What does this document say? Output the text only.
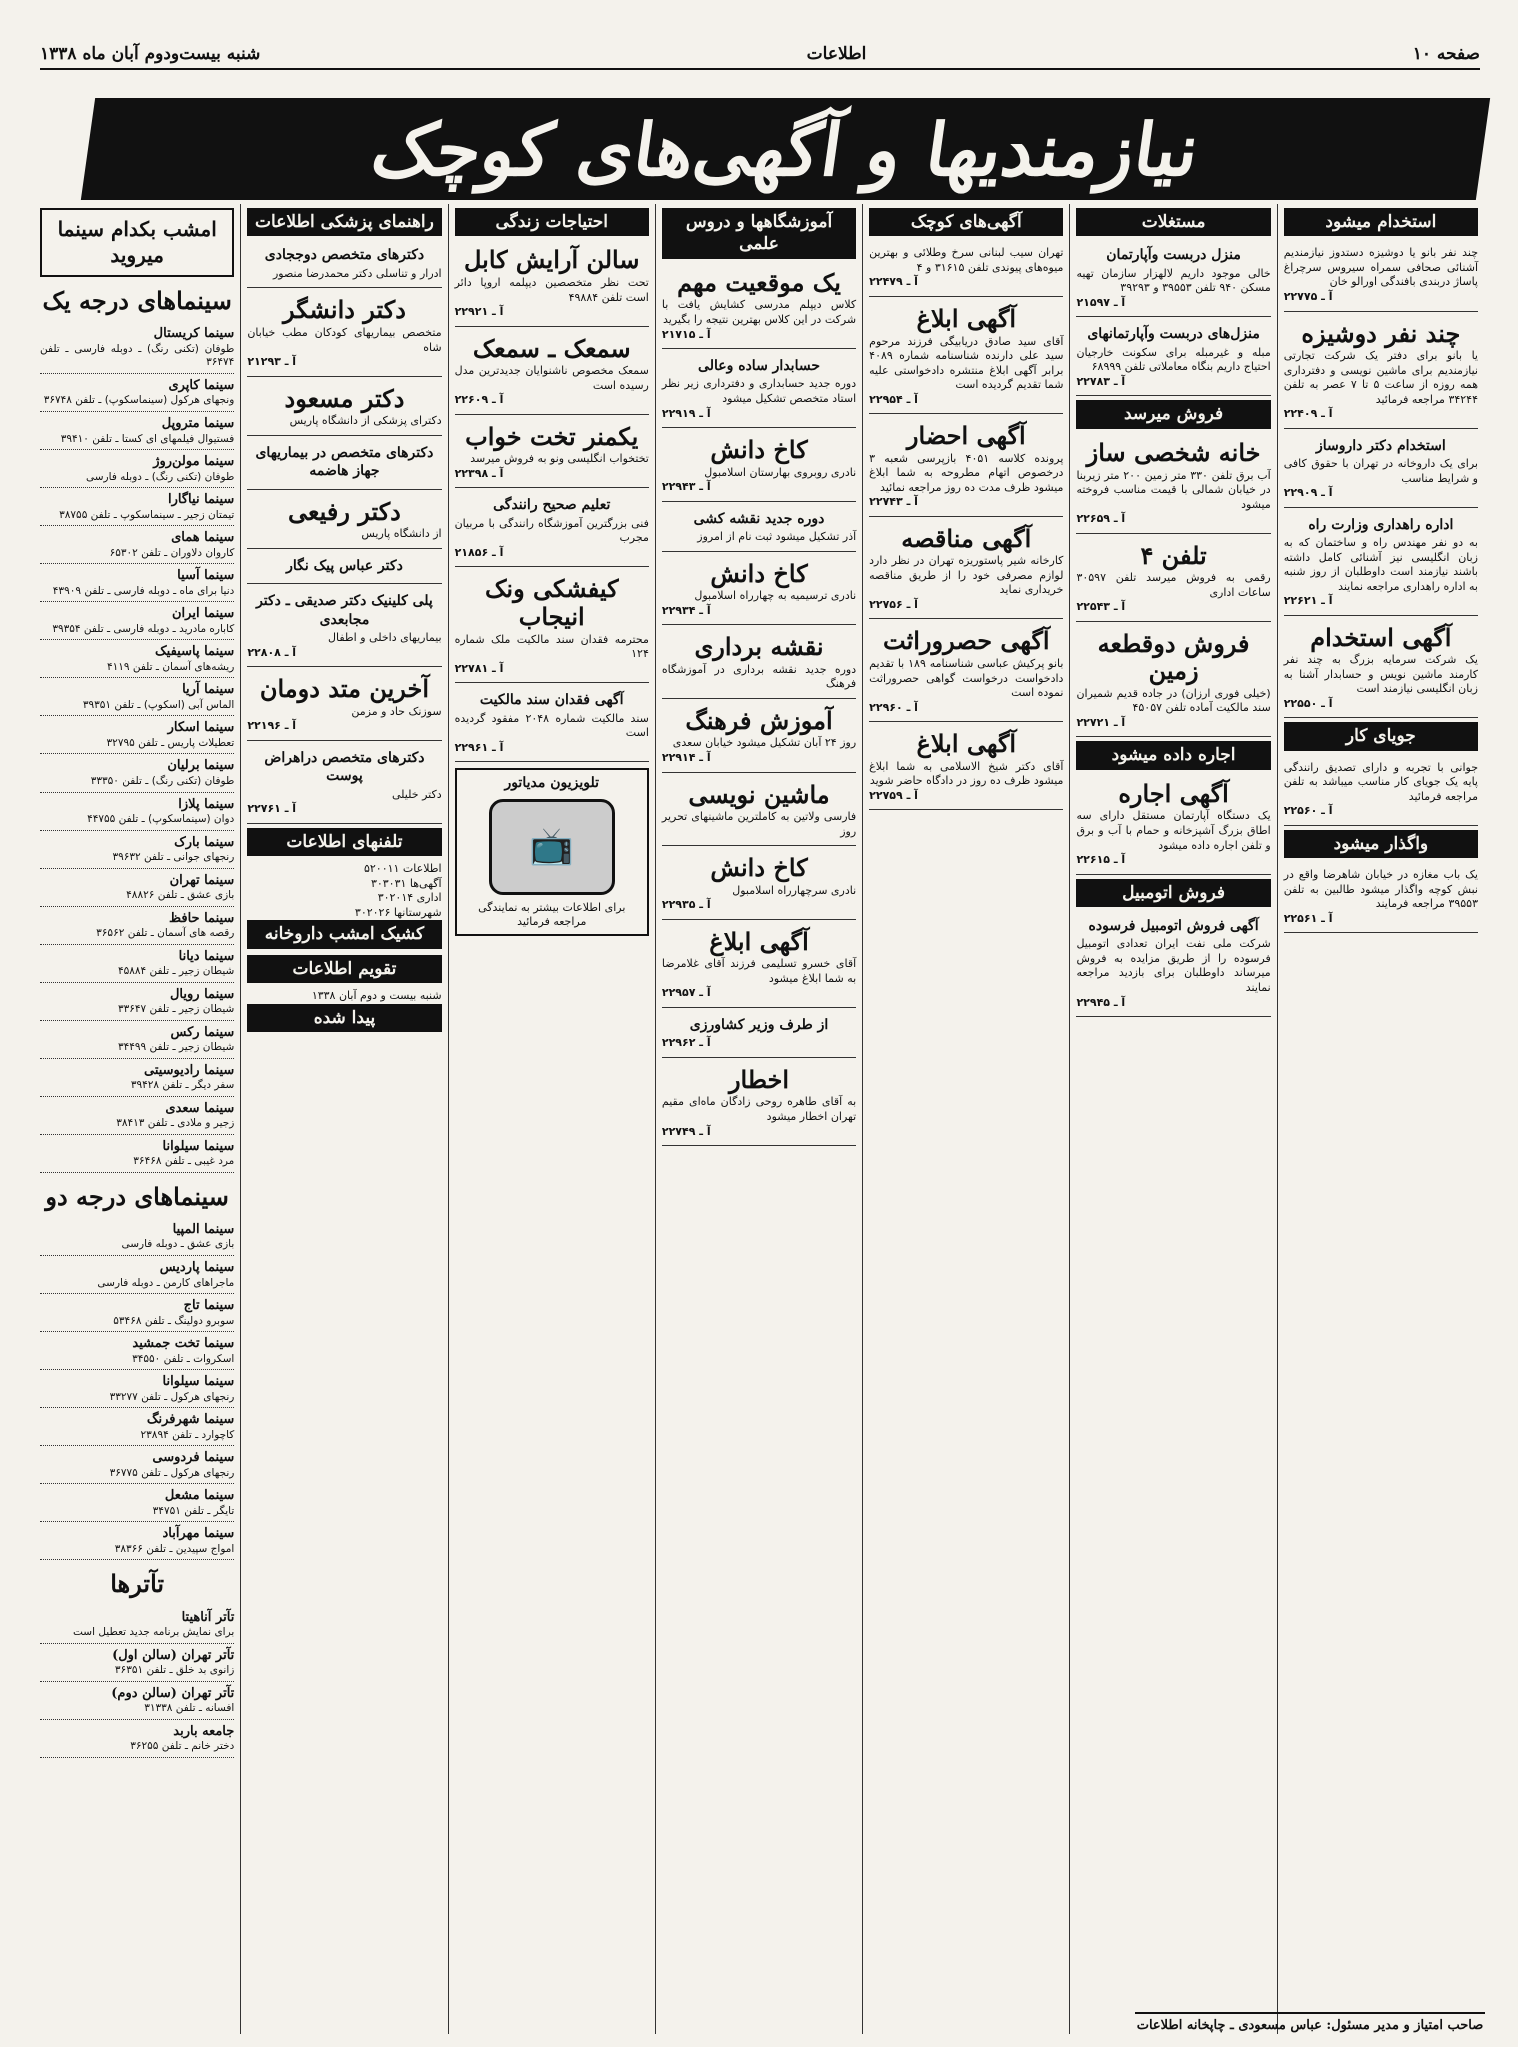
صفحه ۱۰
اطلاعات
شنبه بیست‌ودوم آبان ماه ۱۳۳۸
نیازمندیها و آگهی‌های کوچک
استخدام میشود
چند نفر بانو یا دوشیزه دستدوز نیازمندیم آشنائی صحافی سمراه سیروس سرچراغ پاساژ دربندی بافندگی اورالو خان
آ ـ ۲۲۷۷۵
چند نفر دوشیزه
یا بانو برای دفتر یک شرکت تجارتی نیازمندیم برای ماشین نویسی و دفترداری همه روزه از ساعت ۵ تا ۷ عصر به تلفن ۳۴۲۴۴ مراجعه فرمائید
آ ـ ۲۲۴۰۹
استخدام دکتر داروساز
برای یک داروخانه در تهران با حقوق کافی و شرایط مناسب
آ ـ ۲۲۹۰۹
اداره راهداری وزارت راه
به دو نفر مهندس راه و ساختمان که به زبان انگلیسی نیز آشنائی کامل داشته باشند نیازمند است داوطلبان از روز شنبه به اداره راهداری مراجعه نمایند
آ ـ ۲۲۶۲۱
آگهی استخدام
یک شرکت سرمایه بزرگ به چند نفر کارمند ماشین نویس و حسابدار آشنا به زبان انگلیسی نیازمند است
آ ـ ۲۲۵۵۰
جویای کار
جوانی با تجربه و دارای تصدیق رانندگی پایه یک جویای کار مناسب میباشد به تلفن مراجعه فرمائید
آ ـ ۲۲۵۶۰
واگذار میشود
یک باب مغازه در خیابان شاهرضا واقع در نبش کوچه واگذار میشود طالبین به تلفن ۳۹۵۵۳ مراجعه فرمایند
آ ـ ۲۲۵۶۱
مستغلات
منزل دربست وآپارتمان
خالی موجود داریم لالهزار سازمان تهیه مسکن ۹۴۰ تلفن ۳۹۵۵۳ و ۳۹۲۹۳
آ ـ ۲۱۵۹۷
منزل‌های دربست وآپارتمانهای
مبله و غیرمبله برای سکونت خارجیان احتیاج داریم بنگاه معاملاتی تلفن ۶۸۹۹۹
آ ـ ۲۲۷۸۳
فروش میرسد
خانه شخصی ساز
آب برق تلفن ۳۳۰ متر زمین ۲۰۰ متر زیربنا در خیابان شمالی با قیمت مناسب فروخته میشود
آ ـ ۲۲۶۵۹
تلفن ۴
رقمی به فروش میرسد تلفن ۳۰۵۹۷ ساعات اداری
آ ـ ۲۲۵۴۳
فروش دوقطعه زمین
(خیلی فوری ارزان) در جاده قدیم شمیران سند مالکیت آماده تلفن ۴۵۰۵۷
آ ـ ۲۲۷۲۱
اجاره داده میشود
آگهی اجاره
یک دستگاه آپارتمان مستقل دارای سه اطاق بزرگ آشپزخانه و حمام با آب و برق و تلفن اجاره داده میشود
آ ـ ۲۲۶۱۵
فروش اتومبیل
آگهی فروش اتومبیل فرسوده
شرکت ملی نفت ایران تعدادی اتومبیل فرسوده را از طریق مزایده به فروش میرساند داوطلبان برای بازدید مراجعه نمایند
آ ـ ۲۲۹۴۵
آگهی‌های کوچک
تهران سیب لبنانی سرخ وطلائی و بهترین میوه‌های پیوندی تلفن ۳۱۶۱۵ و ۴
آ ـ ۲۲۴۷۹
آگهی ابلاغ
آقای سید صادق دریابیگی فرزند مرحوم سید علی دارنده شناسنامه شماره ۴۰۸۹ برابر آگهی ابلاغ منتشره دادخواستی علیه شما تقدیم گردیده است
آ ـ ۲۲۹۵۴
آگهی احضار
پرونده کلاسه ۴۰۵۱ بازپرسی شعبه ۳ درخصوص اتهام مطروحه به شما ابلاغ میشود ظرف مدت ده روز مراجعه نمائید
آ ـ ۲۲۷۴۳
آگهی مناقصه
کارخانه شیر پاستوریزه تهران در نظر دارد لوازم مصرفی خود را از طریق مناقصه خریداری نماید
آ ـ ۲۲۷۵۶
آگهی حصروراثت
بانو پرکیش عباسی شناسنامه ۱۸۹ با تقدیم دادخواست درخواست گواهی حصروراثت نموده است
آ ـ ۲۲۹۶۰
آگهی ابلاغ
آقای دکتر شیخ الاسلامی به شما ابلاغ میشود ظرف ده روز در دادگاه حاضر شوید
آ ـ ۲۲۷۵۹
آموزشگاهها و دروس علمی
یک موقعیت مهم
کلاس دیپلم مدرسی کشایش یافت با شرکت در این کلاس بهترین نتیجه را بگیرید
آ ـ ۲۱۷۱۵
حسابدار ساده وعالی
دوره جدید حسابداری و دفترداری زیر نظر استاد متخصص تشکیل میشود
آ ـ ۲۲۹۱۹
کاخ دانش
نادری روبروی بهارستان اسلامبول
آ ـ ۲۲۹۴۳
دوره جدید نقشه کشی
آذر تشکیل میشود ثبت نام از امروز
کاخ دانش
نادری ترسیمیه به چهارراه اسلامبول
آ ـ ۲۲۹۳۴
نقشه برداری
دوره جدید نقشه برداری در آموزشگاه فرهنگ
آموزش فرهنگ
روز ۲۴ آبان تشکیل میشود خیابان سعدی
آ ـ ۲۲۹۱۴
ماشین نویسی
فارسی ولاتین به کاملترین ماشینهای تحریر روز
کاخ دانش
نادری سرچهارراه اسلامبول
آ ـ ۲۲۹۳۵
آگهی ابلاغ
آقای خسرو تسلیمی فرزند آقای غلامرضا به شما ابلاغ میشود
آ ـ ۲۲۹۵۷
از طرف وزیر کشاورزی
آ ـ ۲۲۹۶۲
اخطار
به آقای طاهره روحی زادگان ماه‌ای مقیم تهران اخطار میشود
آ ـ ۲۲۷۴۹
احتیاجات زندگی
سالن آرایش کابل
تحت نظر متخصصین دیپلمه اروپا دائر است تلفن ۴۹۸۸۴
آ ـ ۲۲۹۲۱
سمعک ـ سمعک
سمعک مخصوص ناشنوایان جدیدترین مدل رسیده است
آ ـ ۲۲۶۰۹
یکمنر تخت خواب
تختخواب انگلیسی ونو به فروش میرسد
آ ـ ۲۲۳۹۸
تعلیم صحیح رانندگی
فنی بزرگترین آموزشگاه رانندگی با مربیان مجرب
آ ـ ۲۱۸۵۶
کیفشکی ونک انیجاب
محترمه فقدان سند مالکیت ملک شماره ۱۲۴
آ ـ ۲۲۷۸۱
آگهی فقدان سند مالکیت
سند مالکیت شماره ۲۰۴۸ مفقود گردیده است
آ ـ ۲۲۹۶۱
تلویزیون مدیاتور
📺
برای اطلاعات بیشتر به نمایندگی مراجعه فرمائید
راهنمای پزشکی اطلاعات
دکترهای متخصص دوججادی
ادرار و تناسلی دکتر محمدرضا منصور
دکتر دانشگر
متخصص بیماریهای کودکان مطب خیابان شاه
آ ـ ۲۱۲۹۳
دکتر مسعود
دکترای پزشکی از دانشگاه پاریس
دکترهای متخصص در بیماریهای جهاز هاضمه
دکتر رفیعی
از دانشگاه پاریس
دکتر عباس پیک نگار
پلی کلینیک دکتر صدیقی ـ دکتر مجابعدی
بیماریهای داخلی و اطفال
آ ـ ۲۲۸۰۸
آخرین متد دومان
سوزنک حاد و مزمن
آ ـ ۲۲۱۹۶
دکترهای متخصص دراهراض پوست
دکتر خلیلی
آ ـ ۲۲۷۶۱
تلفنهای اطلاعات
اطلاعات ۵۲۰۰۱۱
آگهی‌ها ۳۰۳۰۳۱
اداری ۳۰۲۰۱۴
شهرستانها ۳۰۲۰۲۶
کشیک امشب داروخانه
تقویم اطلاعات
شنبه بیست و دوم آبان ۱۳۳۸
پیدا شده
امشب بکدام سینما میروید
سینماهای درجه یک
سینما کریستال
طوفان (تکنی رنگ) ـ دوبله فارسی ـ تلفن ۳۶۴۷۴
سینما کاپری
ونجهای هرکول (سینماسکوپ) ـ تلفن ۳۶۷۴۸
سینما متروپل
فستیوال فیلمهای ای کستا ـ تلفن ۳۹۴۱۰
سینما مولن‌روژ
طوفان (تکنی رنگ) ـ دوبله فارسی
سینما نیاگارا
تیمتان زجیر ـ سینماسکوپ ـ تلفن ۳۸۷۵۵
سینما همای
کاروان دلاوران ـ تلفن ۶۵۳۰۲
سینما آسیا
دنیا برای ماه ـ دوبله فارسی ـ تلفن ۴۳۹۰۹
سینما ایران
کاباره مادرید ـ دوبله فارسی ـ تلفن ۳۹۳۵۴
سینما پاسیفیک
ریشه‌های آسمان ـ تلفن ۴۱۱۹
سینما آریا
الماس آبی (اسکوپ) ـ تلفن ۳۹۳۵۱
سینما اسکار
تعطیلات پاریس ـ تلفن ۳۲۷۹۵
سینما برلیان
طوفان (تکنی رنگ) ـ تلفن ۳۳۳۵۰
سینما پلازا
دوان (سینماسکوپ) ـ تلفن ۴۴۷۵۵
سینما بارک
رنجهای جوانی ـ تلفن ۳۹۶۳۲
سینما تهران
بازی عشق ـ تلفن ۴۸۸۲۶
سینما حافظ
رقصه های آسمان ـ تلفن ۳۶۵۶۲
سینما دیانا
شیطان زجیر ـ تلفن ۴۵۸۸۴
سینما رویال
شیطان زجیر ـ تلفن ۳۳۶۴۷
سینما رکس
شیطان زجیر ـ تلفن ۳۴۴۹۹
سینما رادیوسیتی
سفر دیگر ـ تلفن ۳۹۴۲۸
سینما سعدی
زجیر و ملادی ـ تلفن ۳۸۴۱۳
سینما سیلوانا
مرد غیبی ـ تلفن ۳۶۴۶۸
سینماهای درجه دو
سینما المپیا
بازی عشق ـ دوبله فارسی
سینما پاردیس
ماجراهای کارمن ـ دوبله فارسی
سینما تاج
سوبرو دولینگ ـ تلفن ۵۳۴۶۸
سینما تخت جمشید
اسکروات ـ تلفن ۳۴۵۵۰
سینما سیلوانا
رنجهای هرکول ـ تلفن ۳۳۲۷۷
سینما شهرفرنگ
کاچوارد ـ تلفن ۲۳۸۹۴
سینما فردوسی
رنجهای هرکول ـ تلفن ۳۶۷۷۵
سینما مشعل
تایگر ـ تلفن ۳۴۷۵۱
سینما مهرآباد
امواج سپیدین ـ تلفن ۳۸۳۶۶
تآترها
تآتر آناهیتا
برای نمایش برنامه جدید تعطیل است
تآتر تهران (سالن اول)
زانوی بد خلق ـ تلفن ۳۶۳۵۱
تآتر تهران (سالن دوم)
افسانه ـ تلفن ۳۱۳۳۸
جامعه باربد
دختر خانم ـ تلفن ۳۶۲۵۵
صاحب امتیاز و مدیر مسئول: عباس مسعودی ـ چاپخانه اطلاعات
